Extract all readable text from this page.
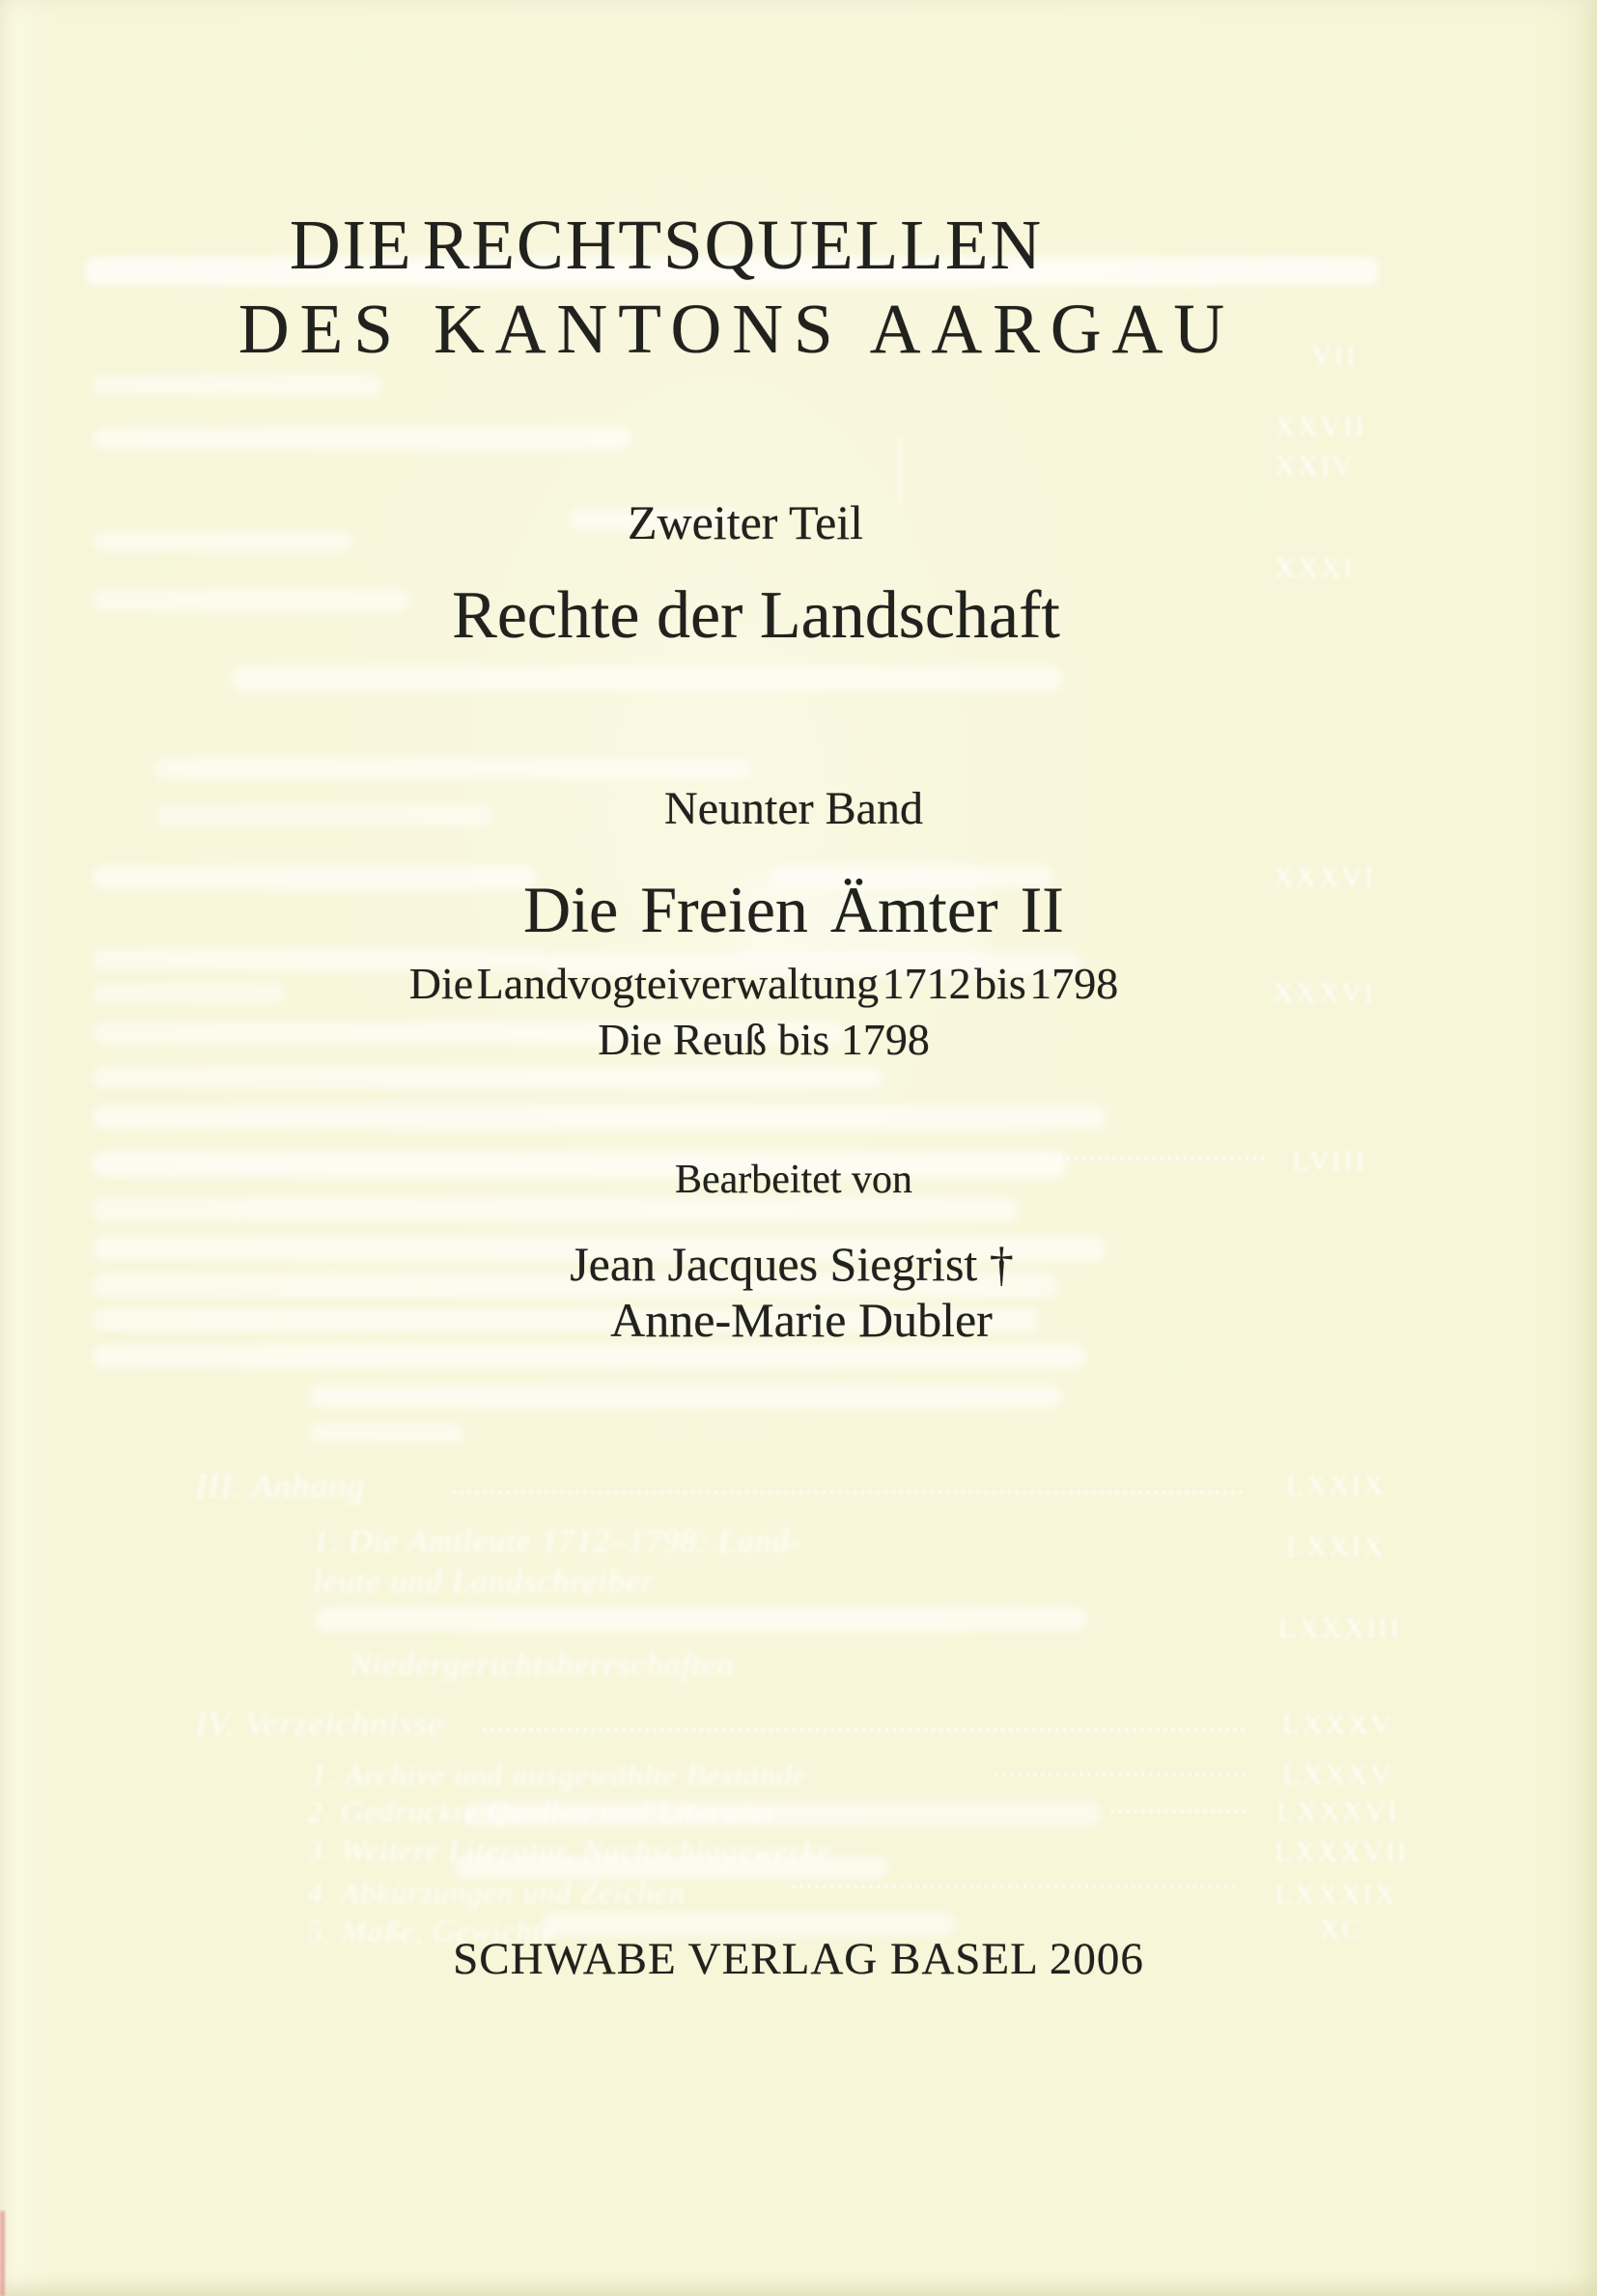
VII
XXVII
XXIV
XXXI
XXXVI
XXXVI
LVIII
LXXIX
LXXIX
LXXXIII
LXXXV
LXXXV
LXXXVI
LXXXVII
LXXXIX
XC
III. Anhang
1. Die Amtleute 1712–1798: Land-
leute und Landschreiber
Niedergerichtsherrschaften
IV. Verzeichnisse
1. Archive und ausgewählte Bestände
2. Gedruckte Quellen und Literatur
3. Weitere Literatur, Nachschlagewerke
4. Abkürzungen und Zeichen
5. Maße, Gewichte
DIE RECHTSQUELLEN
DES KANTONS AARGAU
Zweiter Teil
Rechte der Landschaft
Neunter Band
Die Freien Ämter II
Die Landvogteiverwaltung 1712 bis 1798
Die Reuß bis 1798
Bearbeitet von
Jean Jacques Siegrist †
Anne-Marie Dubler
SCHWABE VERLAG BASEL 2006
